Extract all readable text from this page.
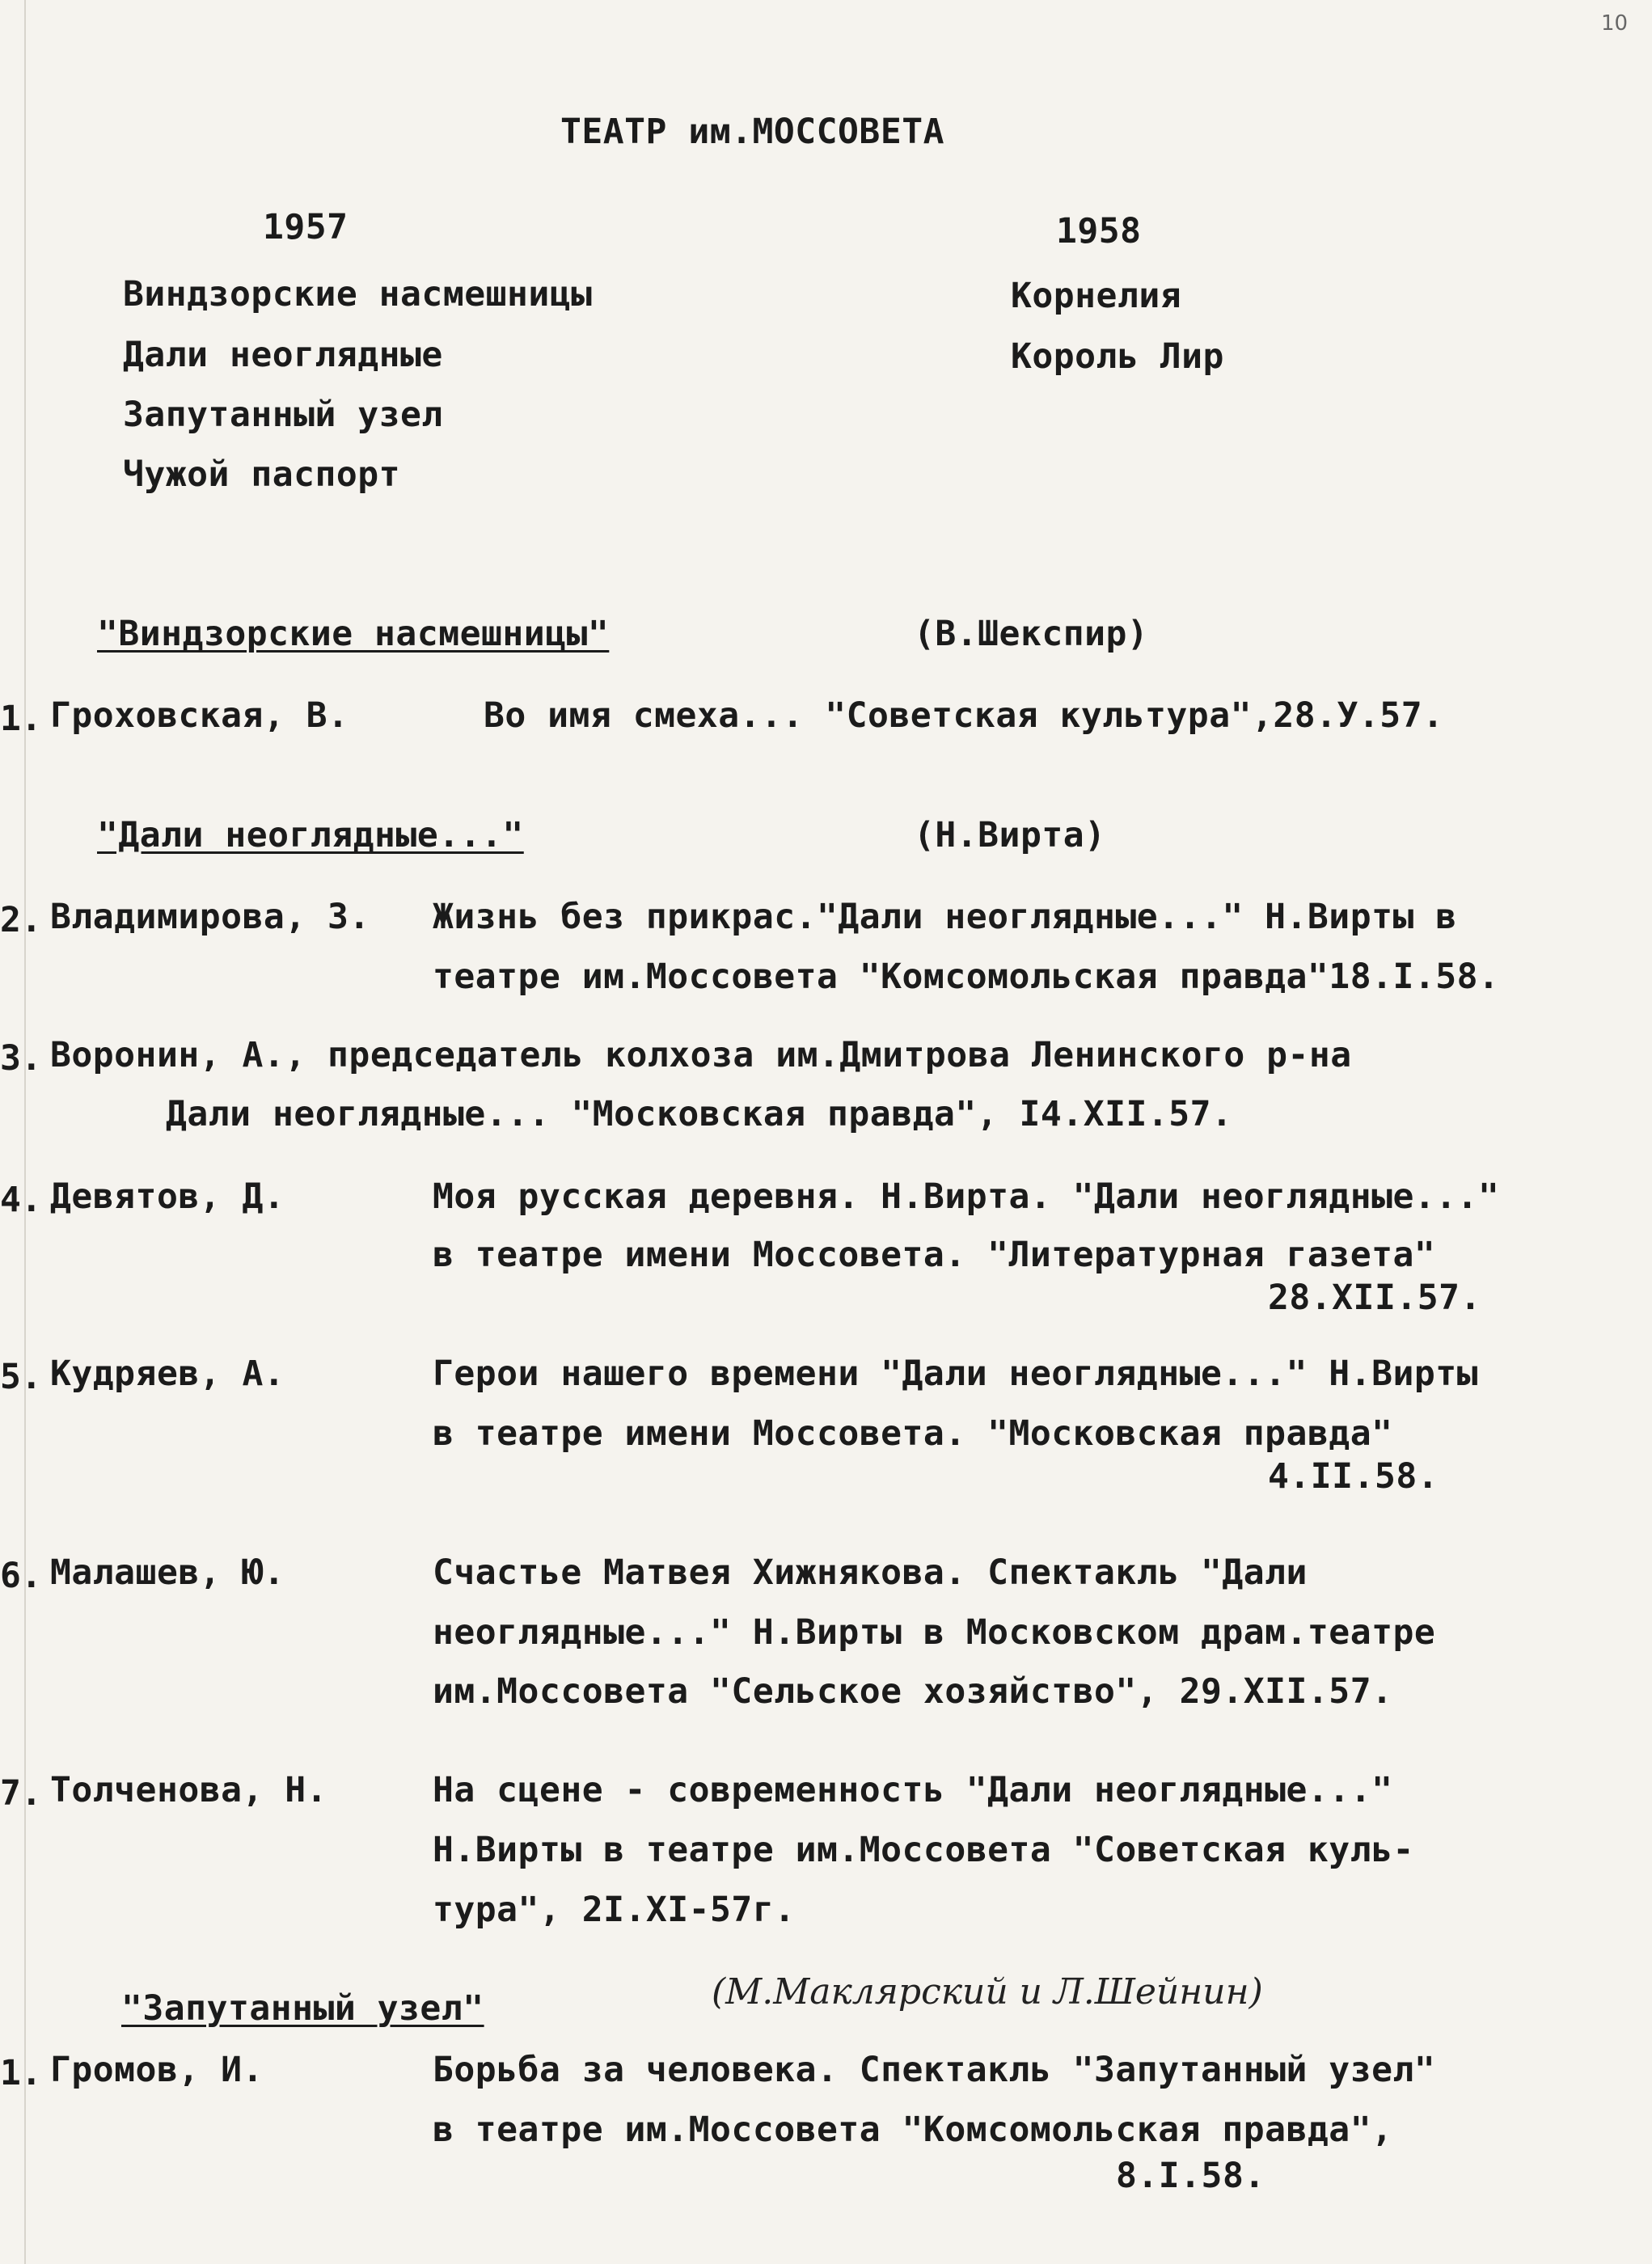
10
ТЕАТР им.МОССОВЕТА
1957
Виндзорские насмешницы
Дали неоглядные
Запутанный узел
Чужой паспорт
1958
Корнелия
Король Лир
"Виндзорские насмешницы"	(В.Шекспир)
1. Гроховская, В.	Во имя смеха... "Советская культура",28.У.57.
"Дали неоглядные..."	(Н.Вирта)
2. Владимирова, З. Жизнь без прикрас."Дали неоглядные..." Н.Вирты в
театре им.Моссовета "Комсомольская правда"18.I.58.
3. Воронин, А., председатель колхоза им.Дмитрова Ленинского р-на
Дали неоглядные... "Московская правда", I4.XII.57.
4. Девятов, Д.	Моя русская деревня. Н.Вирта. "Дали неоглядные..."
в театре имени Моссовета. "Литературная газета"
28.XII.57.
5. Кудряев, А.	Герои нашего времени "Дали неоглядные..." Н.Вирты
в театре имени Моссовета. "Московская правда"
4.II.58.
6. Малашев, Ю.	Счастье Матвея Хижнякова. Спектакль "Дали
неоглядные..." Н.Вирты в Московском драм.театре
им.Моссовета "Сельское хозяйство", 29.XII.57.
7. Толченова, Н.	На сцене - современность "Дали неоглядные..."
Н.Вирты в театре им.Моссовета "Советская куль-
тура", 2I.XI-57г.
"Запутанный узел"	(М.Маклярский и Л.Шейнин)
1. Громов, И.	Борьба за человека. Спектакль "Запутанный узел"
в театре им.Моссовета "Комсомольская правда",
8.I.58.
